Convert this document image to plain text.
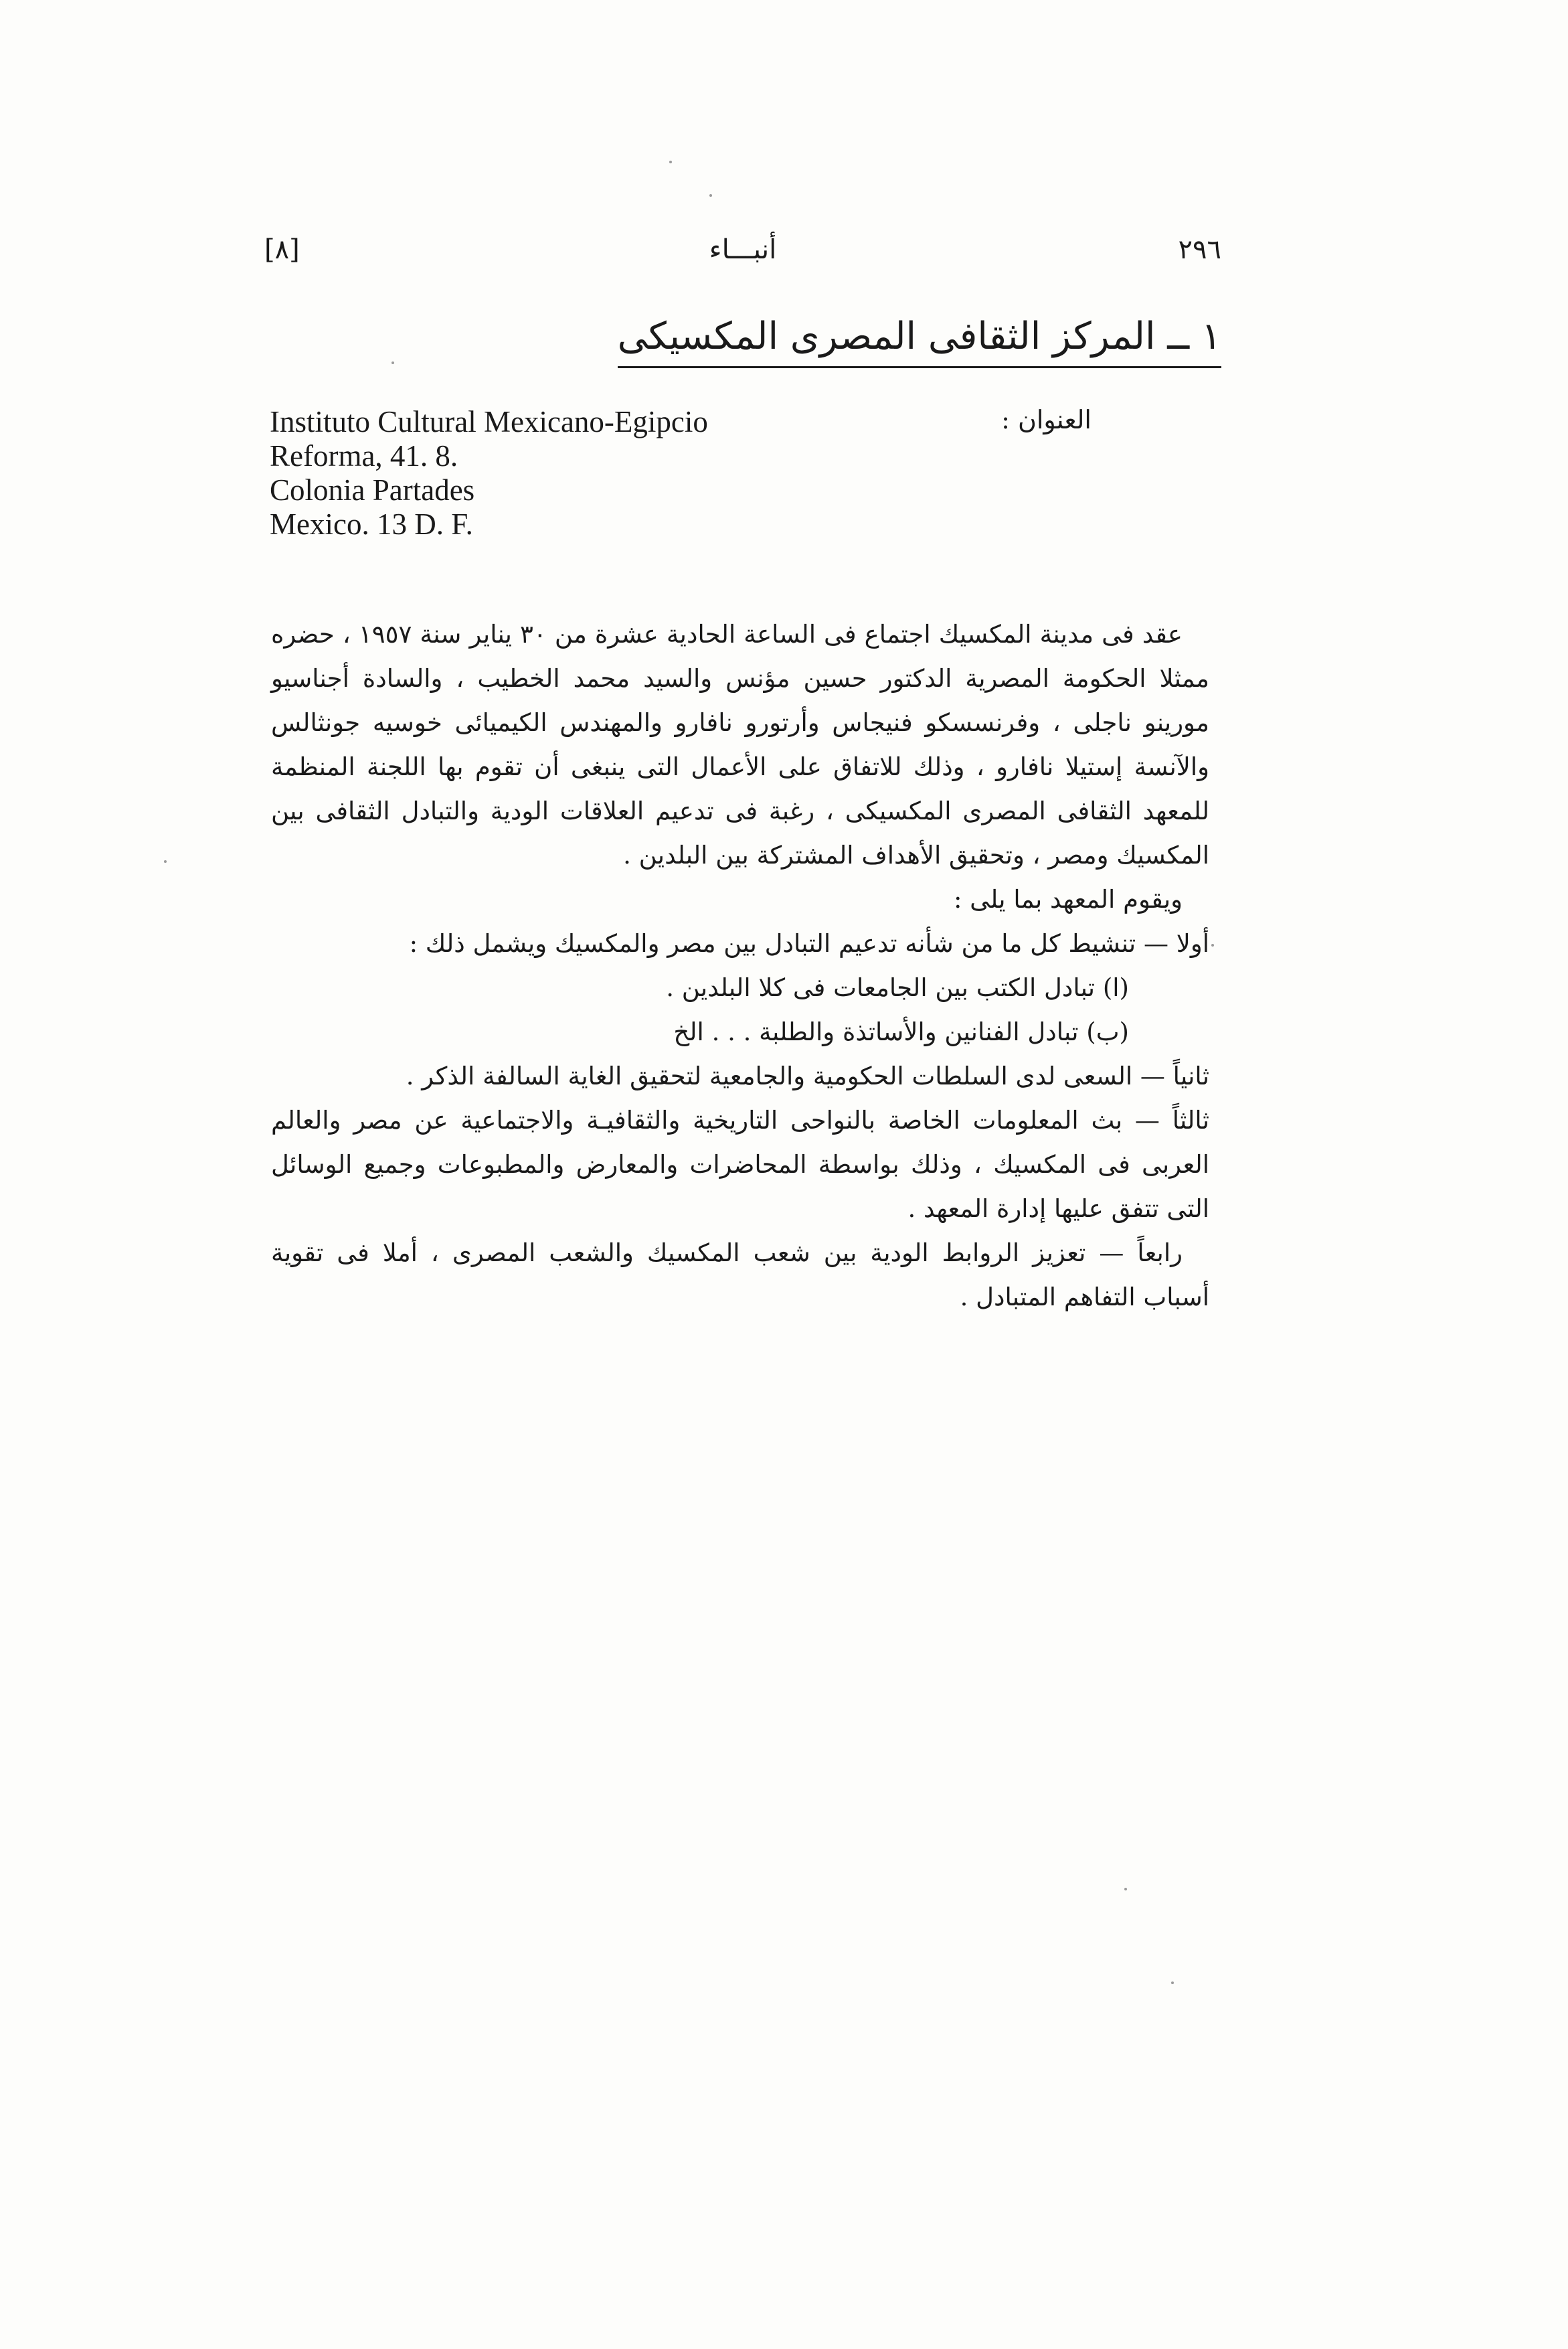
[٨]	أنبـــاء	٢٩٦
١ ــ المركز الثقافى المصرى المكسيكى
العنوان :
Instituto Cultural Mexicano-Egipcio
Reforma, 41. 8.
Colonia Partades
Mexico. 13 D. F.

عقد فى مدينة المكسيك اجتماع فى الساعة الحادية عشرة من ٣٠ يناير سنة ١٩٥٧ ، حضره ممثلا الحكومة المصرية الدكتور حسين مؤنس والسيد محمد الخطيب ، والسادة أجناسيو مورينو ناجلى ، وفرنسسكو فنيجاس وأرتورو نافارو والمهندس الكيميائى خوسيه جونثالس والآنسة إستيلا نافارو ، وذلك للاتفاق على الأعمال التى ينبغى أن تقوم بها اللجنة المنظمة للمعهد الثقافى المصرى المكسيكى ، رغبة فى تدعيم العلاقات الودية والتبادل الثقافى بين المكسيك ومصر ، وتحقيق الأهداف المشتركة بين البلدين .

ويقوم المعهد بما يلى :

أولا — تنشيط كل ما من شأنه تدعيم التبادل بين مصر والمكسيك ويشمل ذلك :

(ا) تبادل الكتب بين الجامعات فى كلا البلدين .

(ب) تبادل الفنانين والأساتذة والطلبة . . . الخ

ثانياً — السعى لدى السلطات الحكومية والجامعية لتحقيق الغاية السالفة الذكر .

ثالثاً — بث المعلومات الخاصة بالنواحى التاريخية والثقافيـة والاجتماعية عن مصر والعالم العربى فى المكسيك ، وذلك بواسطة المحاضرات والمعارض والمطبوعات وجميع الوسائل التى تتفق عليها إدارة المعهد .

رابعاً — تعزيز الروابط الودية بين شعب المكسيك والشعب المصرى ، أملا فى تقوية أسباب التفاهم المتبادل .
